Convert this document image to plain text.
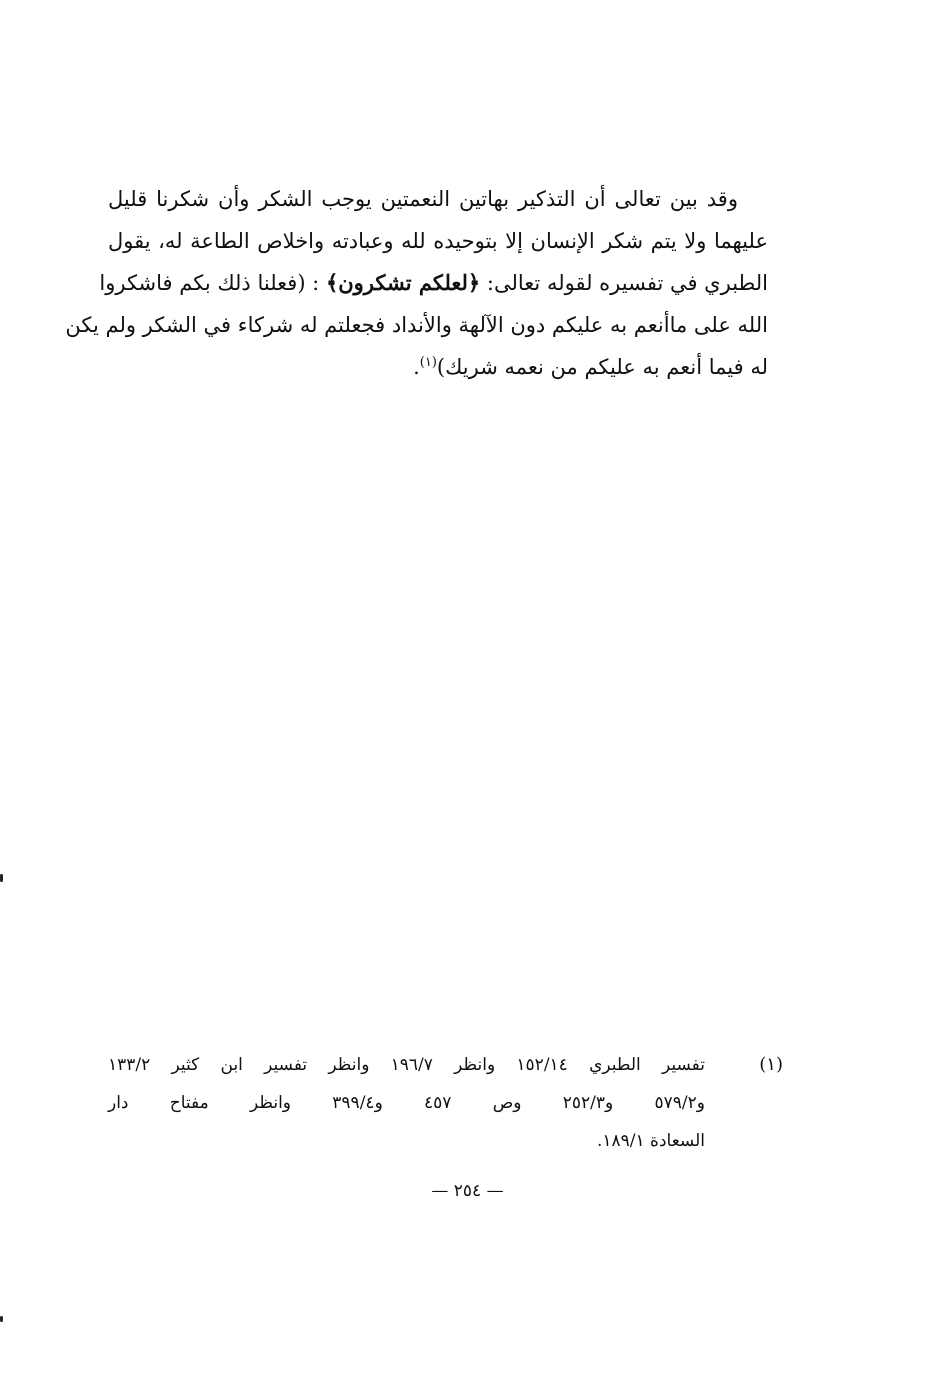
وقد بين تعالى أن التذكير بهاتين النعمتين يوجب الشكر وأن شكرنا قليل
عليهما ولا يتم شكر الإنسان إلا بتوحيده لله وعبادته واخلاص الطاعة له، يقول
الطبري في تفسيره لقوله تعالى: ﴿لعلكم تشكرون﴾ : (فعلنا ذلك بكم فاشكروا
الله على ماأنعم به عليكم دون الآلهة والأنداد فجعلتم له شركاء في الشكر ولم يكن
له فيما أنعم به عليكم من نعمه شريك)$^{(١)}$.
(١)
تفسير الطبري ١٥٢/١٤ وانظر ١٩٦/٧ وانظر تفسير ابن كثير ١٣٣/٢
و٥٧٩/٢ و٢٥٢/٣ وص ٤٥٧ و٣٩٩/٤ وانظر مفتاح دار
السعادة ١٨٩/١.
— ٢٥٤ —
